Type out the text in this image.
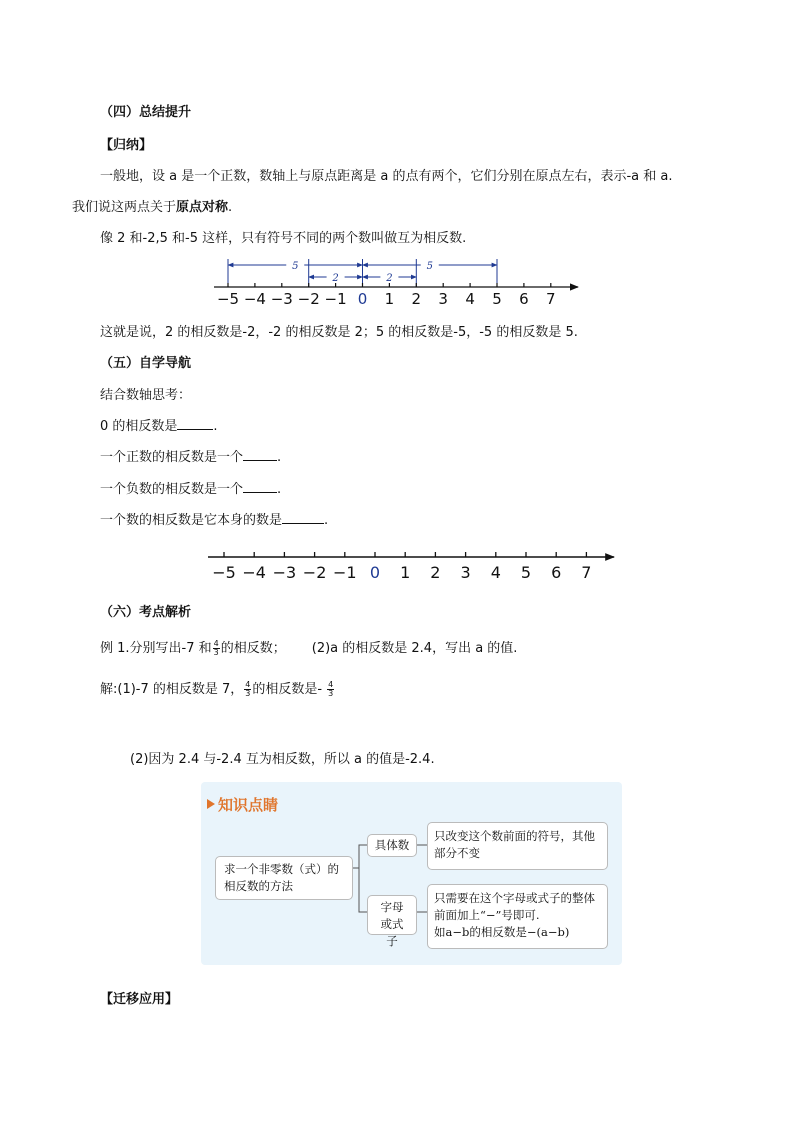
（四）总结提升
【归纳】
一般地，设 a 是一个正数，数轴上与原点距离是 a 的点有两个，它们分别在原点左右，表示-a 和 a.
我们说这两点关于原点对称.
像 2 和-2,5 和-5 这样，只有符号不同的两个数叫做互为相反数.
5
2	2
5
−5 −4 −3 −2 −1 0 1 2 3 4 5 6 7
这就是说，2 的相反数是-2，-2 的相反数是 2；5 的相反数是-5，-5 的相反数是 5.
（五）自学导航
结合数轴思考：
0 的相反数是	.
一个正数的相反数是一个	.
一个负数的相反数是一个	.
一个数的相反数是它本身的数是	.
−5 −4 −3 −2 −1 0 1 2 3 4 5 6 7
（六）考点解析
例 1.分别写出-7 和 $\frac{4}{3}$ 的相反数； (2)a 的相反数是 2.4，写出 a 的值.
解:(1)-7 的相反数是 7， $\frac{4}{3}$ 的相反数是- $\frac{4}{3}$
(2)因为 2.4 与-2.4 互为相反数，所以 a 的值是-2.4.
知识点睛
求一个非零数（式）的相反数的方法
具体数
只改变这个数前面的符号，其他部分不变
字母或式子
只需要在这个字母或式子的整体前面加上“−”号即可.
如a−b的相反数是−(a−b)
【迁移应用】
